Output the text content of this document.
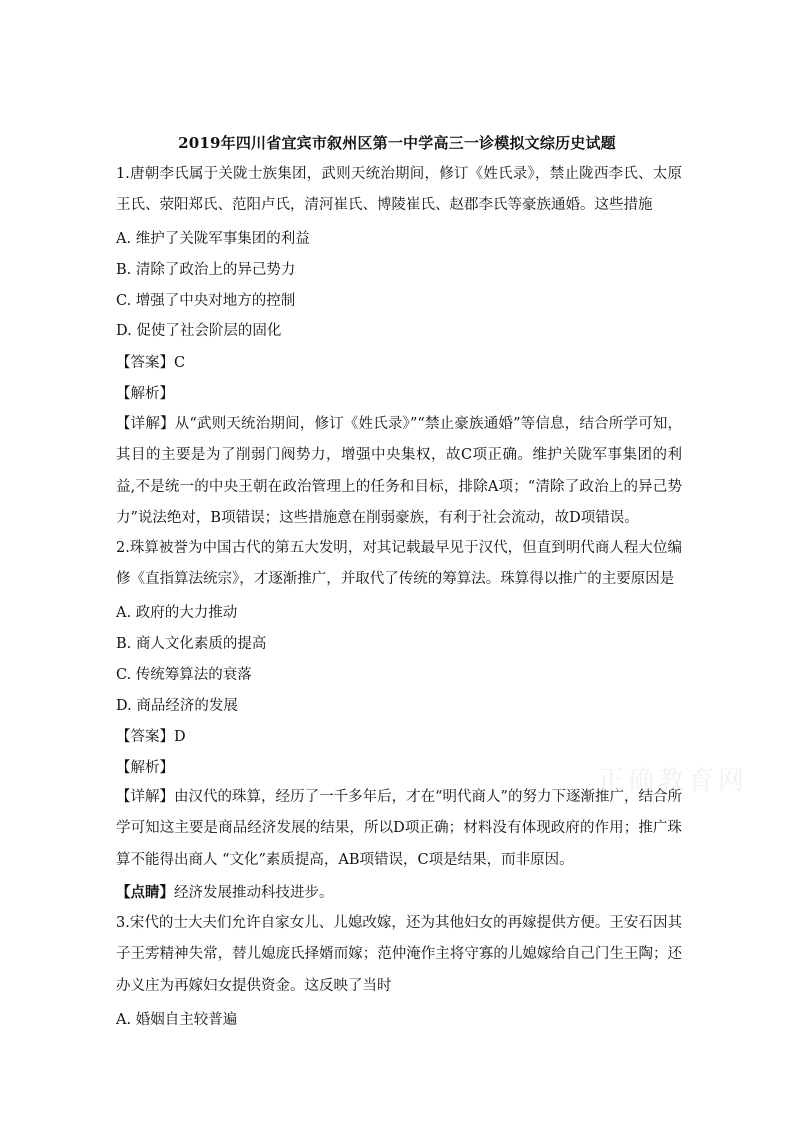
2019年四川省宜宾市叙州区第一中学高三一诊模拟文综历史试题
1.唐朝李氏属于关陇士族集团，武则天统治期间，修订《姓氏录》，禁止陇西李氏、太原王氏、荥阳郑氏、范阳卢氏，清河崔氏、博陵崔氏、赵郡李氏等豪族通婚。这些措施
A. 维护了关陇军事集团的利益
B. 清除了政治上的异己势力
C. 增强了中央对地方的控制
D. 促使了社会阶层的固化
【答案】C
【解析】
【详解】从“武则天统治期间，修订《姓氏录》”“禁止豪族通婚”等信息，结合所学可知，其目的主要是为了削弱门阀势力，增强中央集权，故C项正确。维护关陇军事集团的利益,不是统一的中央王朝在政治管理上的任务和目标，排除A项；“清除了政治上的异己势力”说法绝对，B项错误；这些措施意在削弱豪族，有利于社会流动，故D项错误。
2.珠算被誉为中国古代的第五大发明，对其记载最早见于汉代，但直到明代商人程大位编修《直指算法统宗》，才逐渐推广，并取代了传统的筹算法。珠算得以推广的主要原因是
A. 政府的大力推动
B. 商人文化素质的提高
C. 传统筹算法的衰落
D. 商品经济的发展
【答案】D
【解析】
【详解】由汉代的珠算，经历了一千多年后，才在“明代商人”的努力下逐渐推广，结合所学可知这主要是商品经济发展的结果，所以D项正确；材料没有体现政府的作用；推广珠算不能得出商人 “文化”素质提高，AB项错误，C项是结果，而非原因。
【点睛】经济发展推动科技进步。
3.宋代的士大夫们允许自家女儿、儿媳改嫁，还为其他妇女的再嫁提供方便。王安石因其子王雱精神失常，替儿媳庞氏择婿而嫁；范仲淹作主将守寡的儿媳嫁给自己门生王陶；还办义庄为再嫁妇女提供资金。这反映了当时
A. 婚姻自主较普遍
正确教育网
